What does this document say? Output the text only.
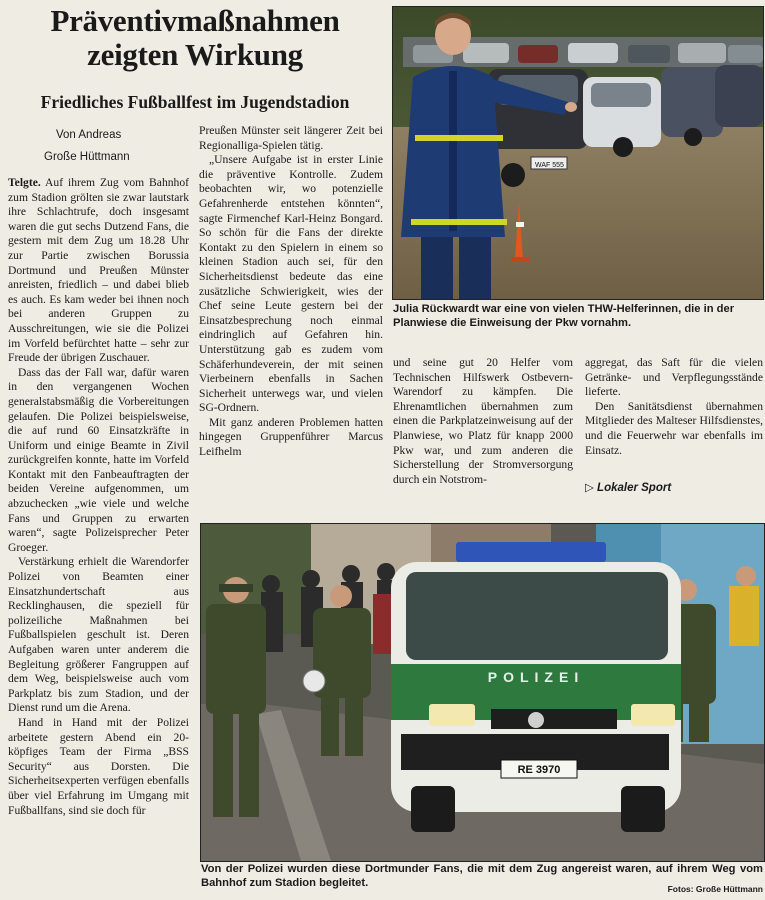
Präventivmaßnahmen
zeigten Wirkung
Friedliches Fußballfest im Jugendstadion
Von Andreas
Große Hüttmann

Telgte. Auf ihrem Zug vom Bahnhof zum Stadion grölten sie zwar lautstark ihre Schlachtrufe, doch insgesamt waren die gut sechs Dutzend Fans, die gestern mit dem Zug um 18.28 Uhr zur Partie zwischen Borussia Dortmund und Preußen Münster anreisten, friedlich – und dabei blieb es auch. Es kam weder bei ihnen noch bei anderen Gruppen zu Ausschreitungen, wie sie die Polizei im Vorfeld befürchtet hatte – sehr zur Freude der übrigen Zuschauer.

Dass das der Fall war, dafür waren in den vergangenen Wochen generalstabsmäßig die Vorbereitungen gelaufen. Die Polizei beispielsweise, die auf rund 60 Einsatzkräfte in Uniform und einige Beamte in Zivil zurückgreifen konnte, hatte im Vorfeld Kontakt mit den Fanbeauftragten der beiden Vereine aufgenommen, um abzuchecken „wie viele und welche Fans und Gruppen zu erwarten waren“, sagte Polizeisprecher Peter Groeger.

Verstärkung erhielt die Warendorfer Polizei von Beamten einer Einsatzhundertschaft aus Recklinghausen, die speziell für polizeiliche Maßnahmen bei Fußballspielen geschult ist. Deren Aufgaben waren unter anderem die Begleitung größerer Fangruppen auf dem Weg, beispielsweise auch vom Parkplatz bis zum Stadion, und der Dienst rund um die Arena.

Hand in Hand mit der Polizei arbeitete gestern Abend ein 20-köpfiges Team der Firma „BSS Security“ aus Dorsten. Die Sicherheitsexperten verfügen ebenfalls über viel Erfahrung im Umgang mit Fußballfans, sind sie doch für

Preußen Münster seit längerer Zeit bei Regionalliga-Spielen tätig.

„Unsere Aufgabe ist in erster Linie die präventive Kontrolle. Zudem beobachten wir, wo potenzielle Gefahrenherde entstehen könnten“, sagte Firmenchef Karl-Heinz Bongard. So schön für die Fans der direkte Kontakt zu den Spielern in einem so kleinen Stadion auch sei, für den Sicherheitsdienst bedeute das eine zusätzliche Schwierigkeit, wies der Chef seine Leute gestern bei der Einsatzbesprechung noch einmal eindringlich auf Gefahren hin. Unterstützung gab es zudem vom Schäferhundeverein, der mit seinen Vierbeinern ebenfalls in Sachen Sicherheit unterwegs war, und vielen SG-Ordnern.

Mit ganz anderen Problemen hatten hingegen Gruppenführer Marcus Leifhelm

WAF 555
Julia Rückwardt war eine von vielen THW-Helferinnen, die in der Planwiese die Einweisung der Pkw vornahm.

und seine gut 20 Helfer vom Technischen Hilfswerk Ostbevern-Warendorf zu kämpfen. Die Ehrenamtlichen übernahmen zum einen die Parkplatzeinweisung auf der Planwiese, wo Platz für knapp 2000 Pkw war, und zum anderen die Sicherstellung der Stromversorgung durch ein Notstrom-

aggregat, das Saft für die vielen Getränke- und Verpflegungsstände lieferte.

Den Sanitätsdienst übernahmen Mitglieder des Malteser Hilfsdienstes, und die Feuerwehr war ebenfalls im Einsatz.

▷ Lokaler Sport
POLIZEI
RE 3970
Von der Polizei wurden diese Dortmunder Fans, die mit dem Zug angereist waren, auf ihrem Weg vom Bahnhof zum Stadion begleitet.	Fotos: Große Hüttmann
